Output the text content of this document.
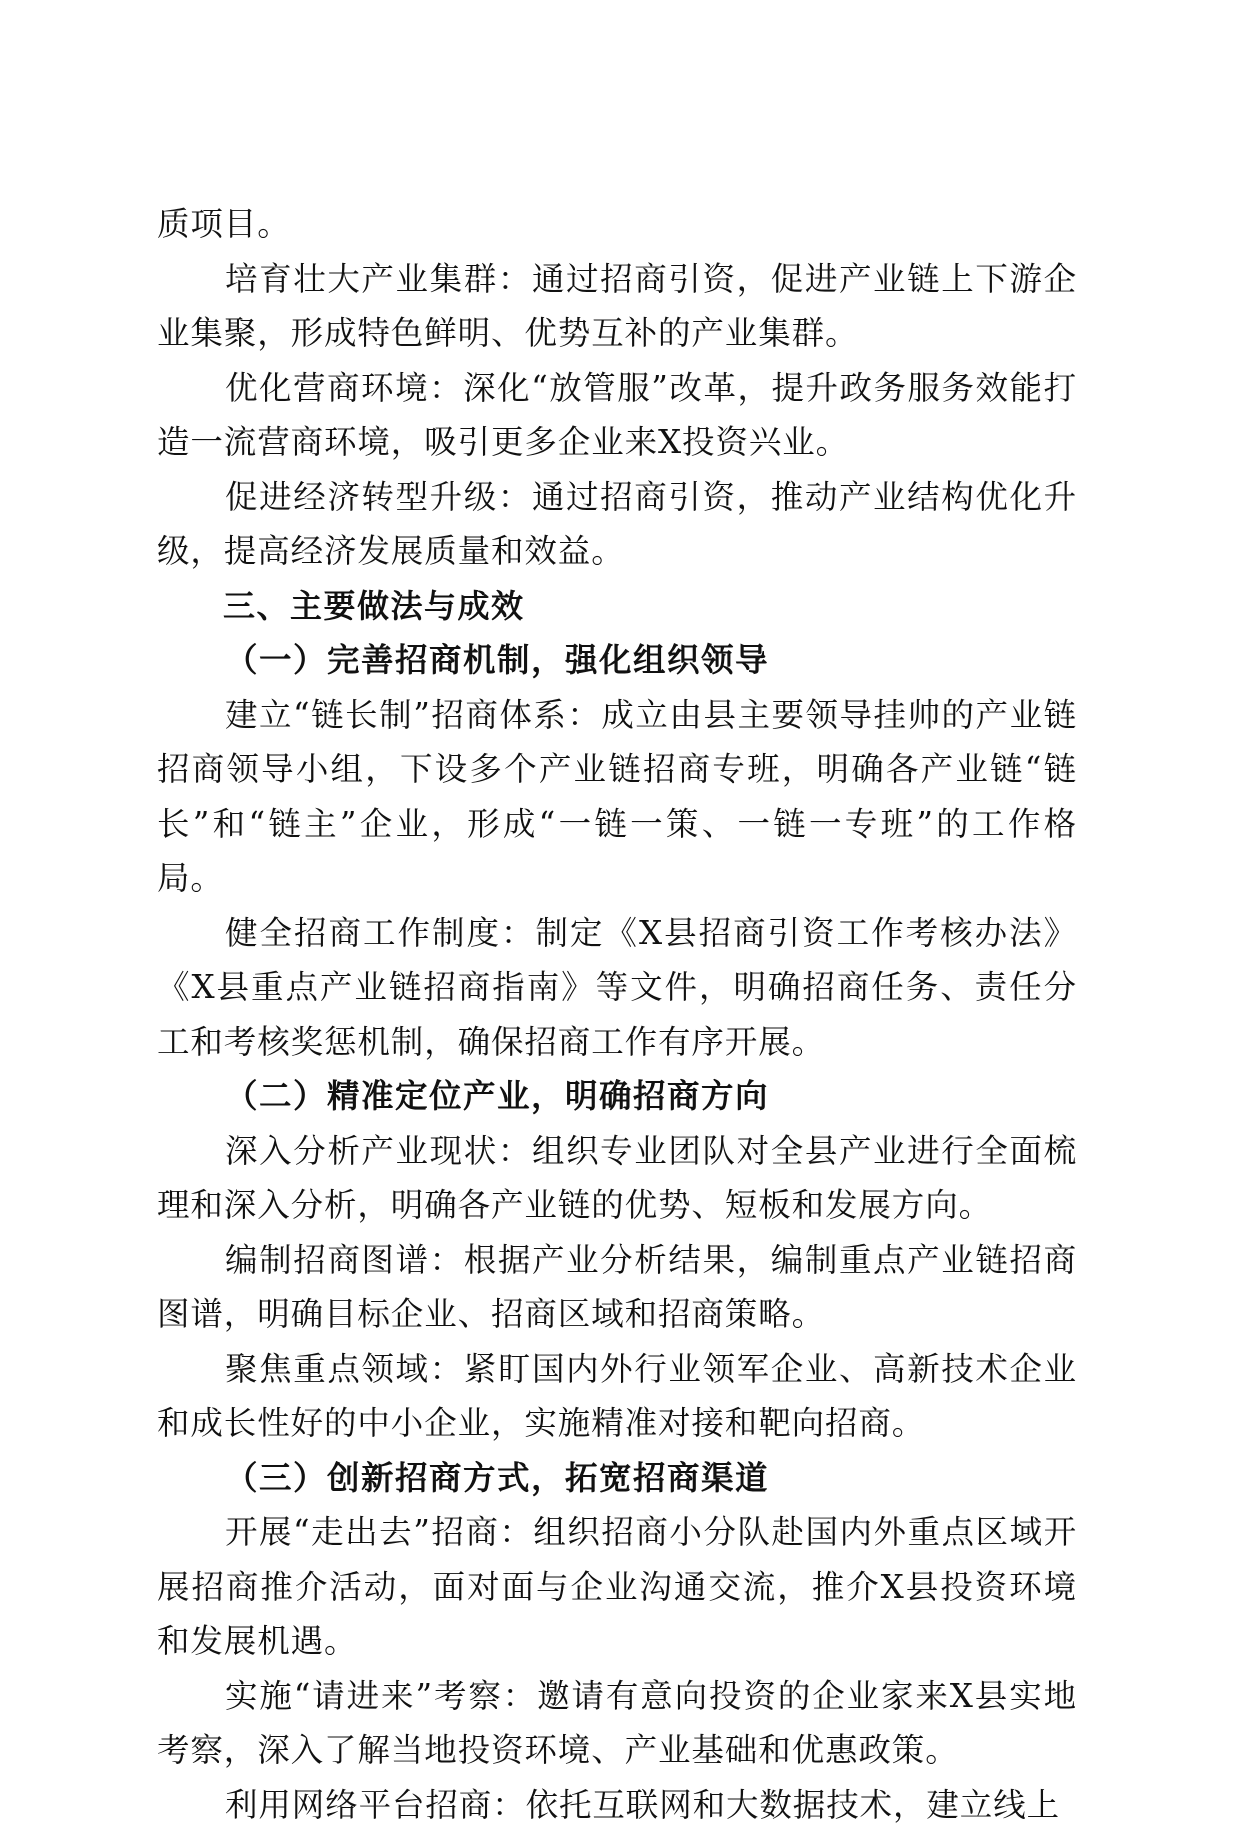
质项目。

培育壮大产业集群：通过招商引资，促进产业链上下游企业集聚，形成特色鲜明、优势互补的产业集群。

优化营商环境：深化“放管服”改革，提升政务服务效能打造一流营商环境，吸引更多企业来X投资兴业。

促进经济转型升级：通过招商引资，推动产业结构优化升级，提高经济发展质量和效益。

三、主要做法与成效
（一）完善招商机制，强化组织领导

建立“链长制”招商体系：成立由县主要领导挂帅的产业链招商领导小组，下设多个产业链招商专班，明确各产业链“链长”和“链主”企业，形成“一链一策、一链一专班”的工作格局。

健全招商工作制度：制定《X县招商引资工作考核办法》《X县重点产业链招商指南》等文件，明确招商任务、责任分工和考核奖惩机制，确保招商工作有序开展。

（二）精准定位产业，明确招商方向

深入分析产业现状：组织专业团队对全县产业进行全面梳理和深入分析，明确各产业链的优势、短板和发展方向。

编制招商图谱：根据产业分析结果，编制重点产业链招商图谱，明确目标企业、招商区域和招商策略。

聚焦重点领域：紧盯国内外行业领军企业、高新技术企业和成长性好的中小企业，实施精准对接和靶向招商。

（三）创新招商方式，拓宽招商渠道

开展“走出去”招商：组织招商小分队赴国内外重点区域开展招商推介活动，面对面与企业沟通交流，推介X县投资环境和发展机遇。

实施“请进来”考察：邀请有意向投资的企业家来X县实地考察，深入了解当地投资环境、产业基础和优惠政策。

利用网络平台招商：依托互联网和大数据技术，建立线上
